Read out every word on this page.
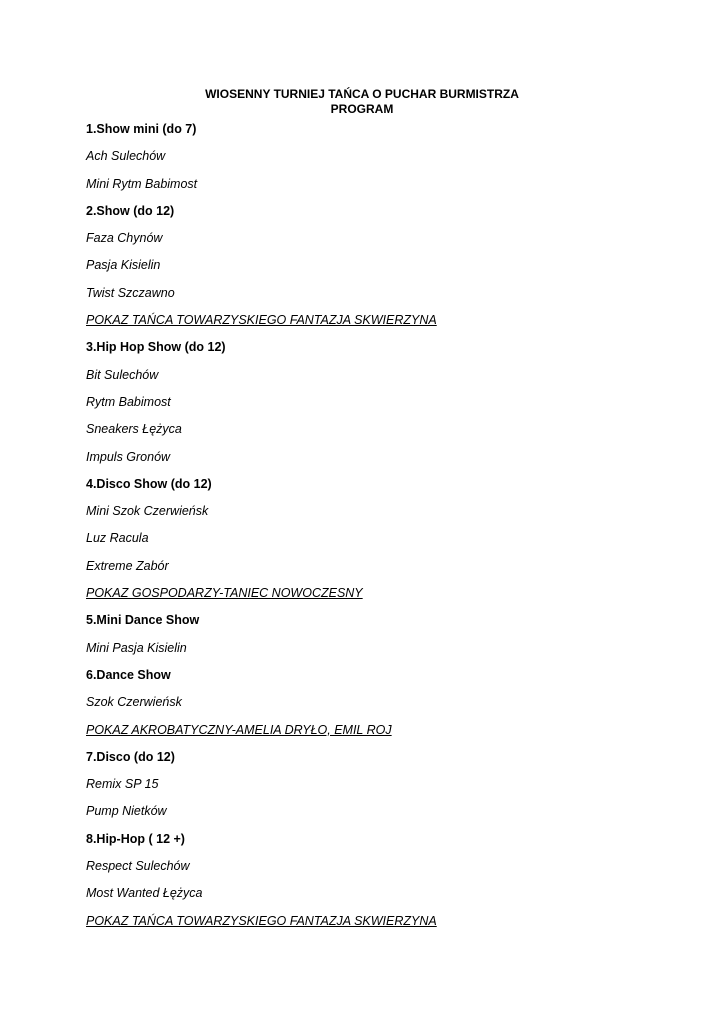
WIOSENNY TURNIEJ TAŃCA O PUCHAR BURMISTRZA
PROGRAM
1.Show mini (do 7)
Ach Sulechów
Mini Rytm Babimost
2.Show (do 12)
Faza Chynów
Pasja Kisielin
Twist Szczawno
POKAZ TAŃCA TOWARZYSKIEGO FANTAZJA SKWIERZYNA
3.Hip Hop Show (do 12)
Bit Sulechów
Rytm Babimost
Sneakers Łężyca
Impuls Gronów
4.Disco Show (do 12)
Mini Szok Czerwieńsk
Luz Racula
Extreme Zabór
POKAZ GOSPODARZY-TANIEC NOWOCZESNY
5.Mini Dance Show
Mini Pasja Kisielin
6.Dance Show
Szok Czerwieńsk
POKAZ AKROBATYCZNY-AMELIA DRYŁO, EMIL ROJ
7.Disco (do 12)
Remix SP 15
Pump Nietków
8.Hip-Hop ( 12 +)
Respect Sulechów
Most Wanted Łężyca
POKAZ TAŃCA TOWARZYSKIEGO FANTAZJA SKWIERZYNA
